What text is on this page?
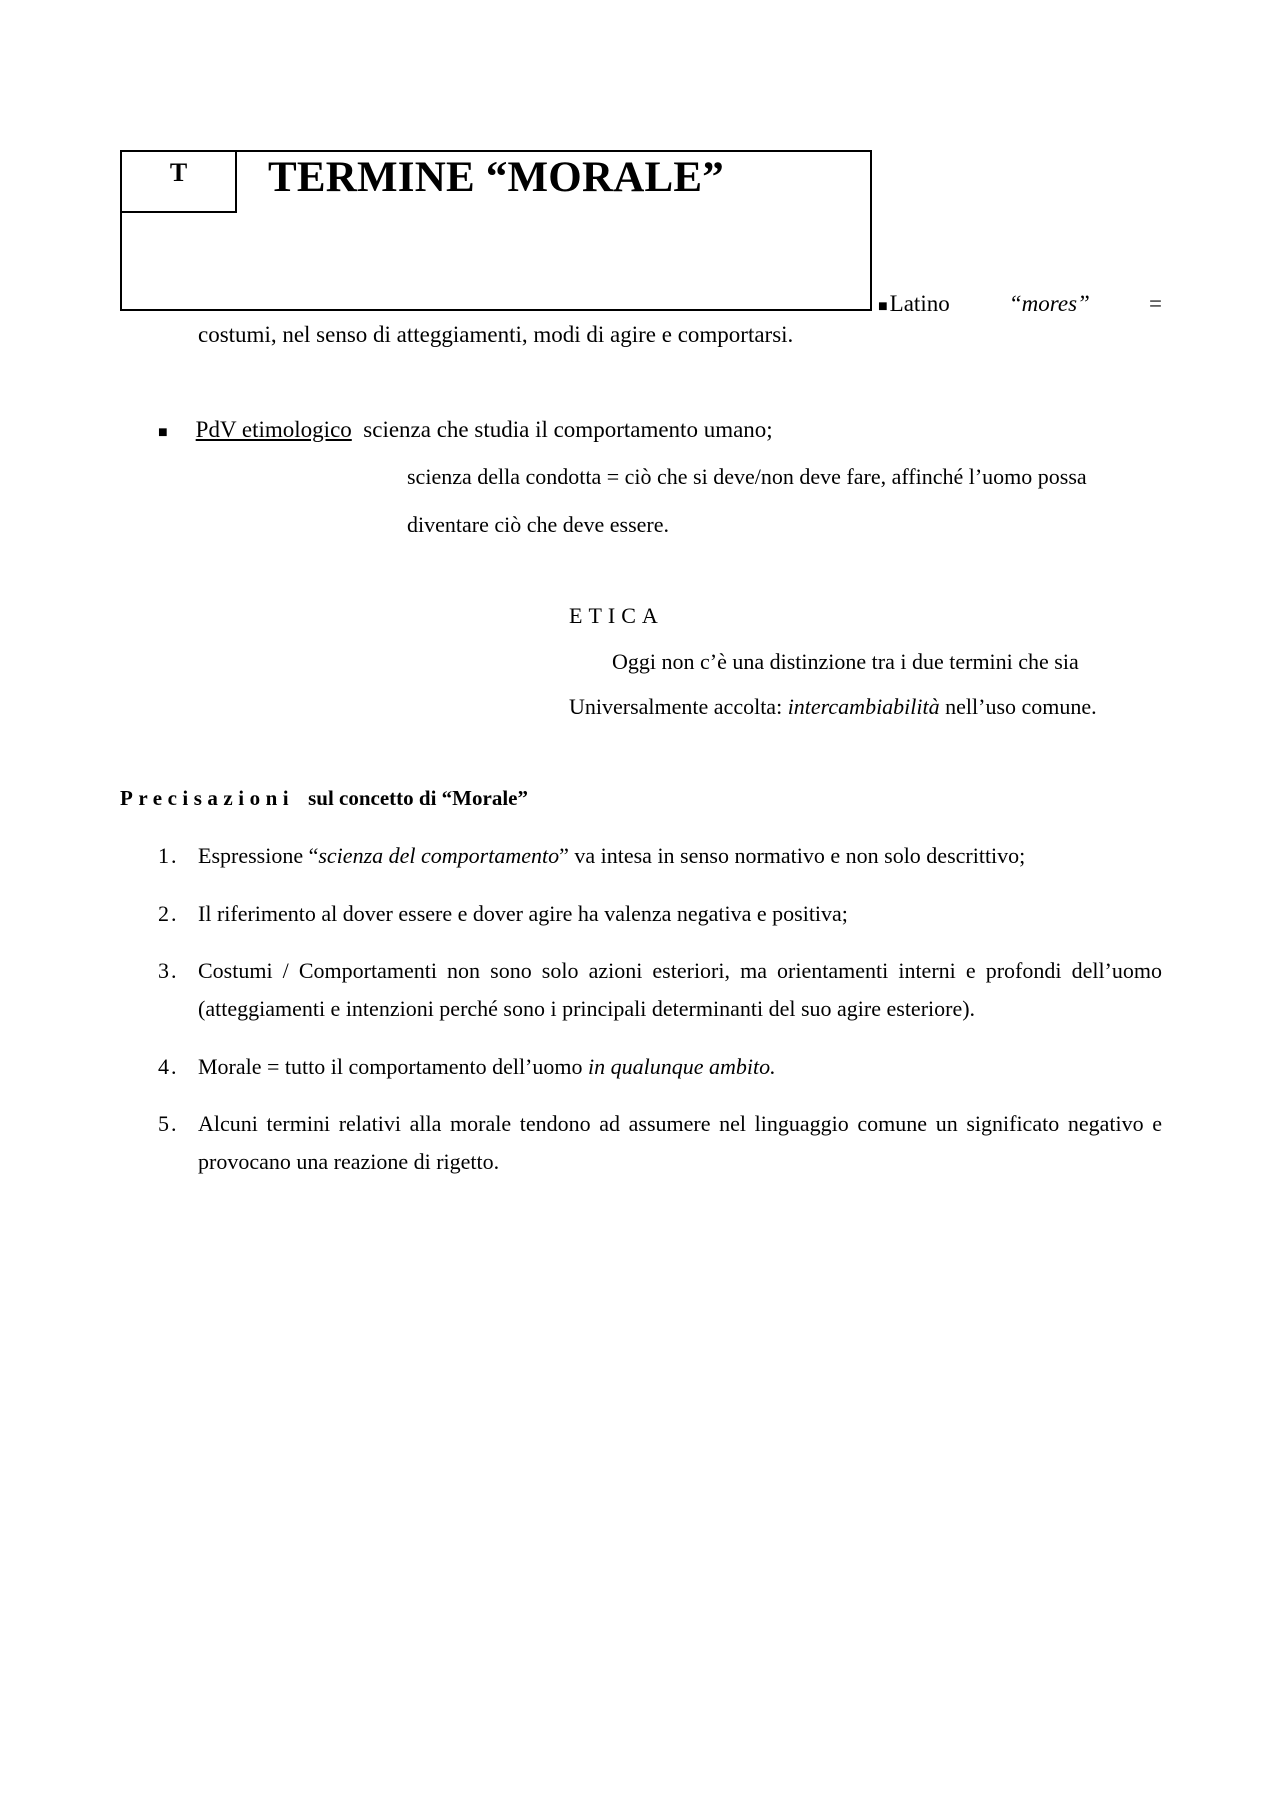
T TERMINE “MORALE”
■Latino	“mores”	=
costumi, nel senso di atteggiamenti, modi di agire e comportarsi.
■ PdV etimologico scienza che studia il comportamento umano;
scienza della condotta = ciò che si deve/non deve fare, affinché l’uomo possa
diventare ciò che deve essere.
ETICA
Oggi non c’è una distinzione tra i due termini che sia
Universalmente accolta: intercambiabilità nell’uso comune.
Precisazioni sul concetto di “Morale”
1. Espressione “scienza del comportamento” va intesa in senso normativo e non solo descrittivo;
2. Il riferimento al dover essere e dover agire ha valenza negativa e positiva;
3. Costumi / Comportamenti non sono solo azioni esteriori, ma orientamenti interni e profondi dell’uomo (atteggiamenti e intenzioni perché sono i principali determinanti del suo agire esteriore).
4. Morale = tutto il comportamento dell’uomo in qualunque ambito.
5. Alcuni termini relativi alla morale tendono ad assumere nel linguaggio comune un significato negativo e provocano una reazione di rigetto.
